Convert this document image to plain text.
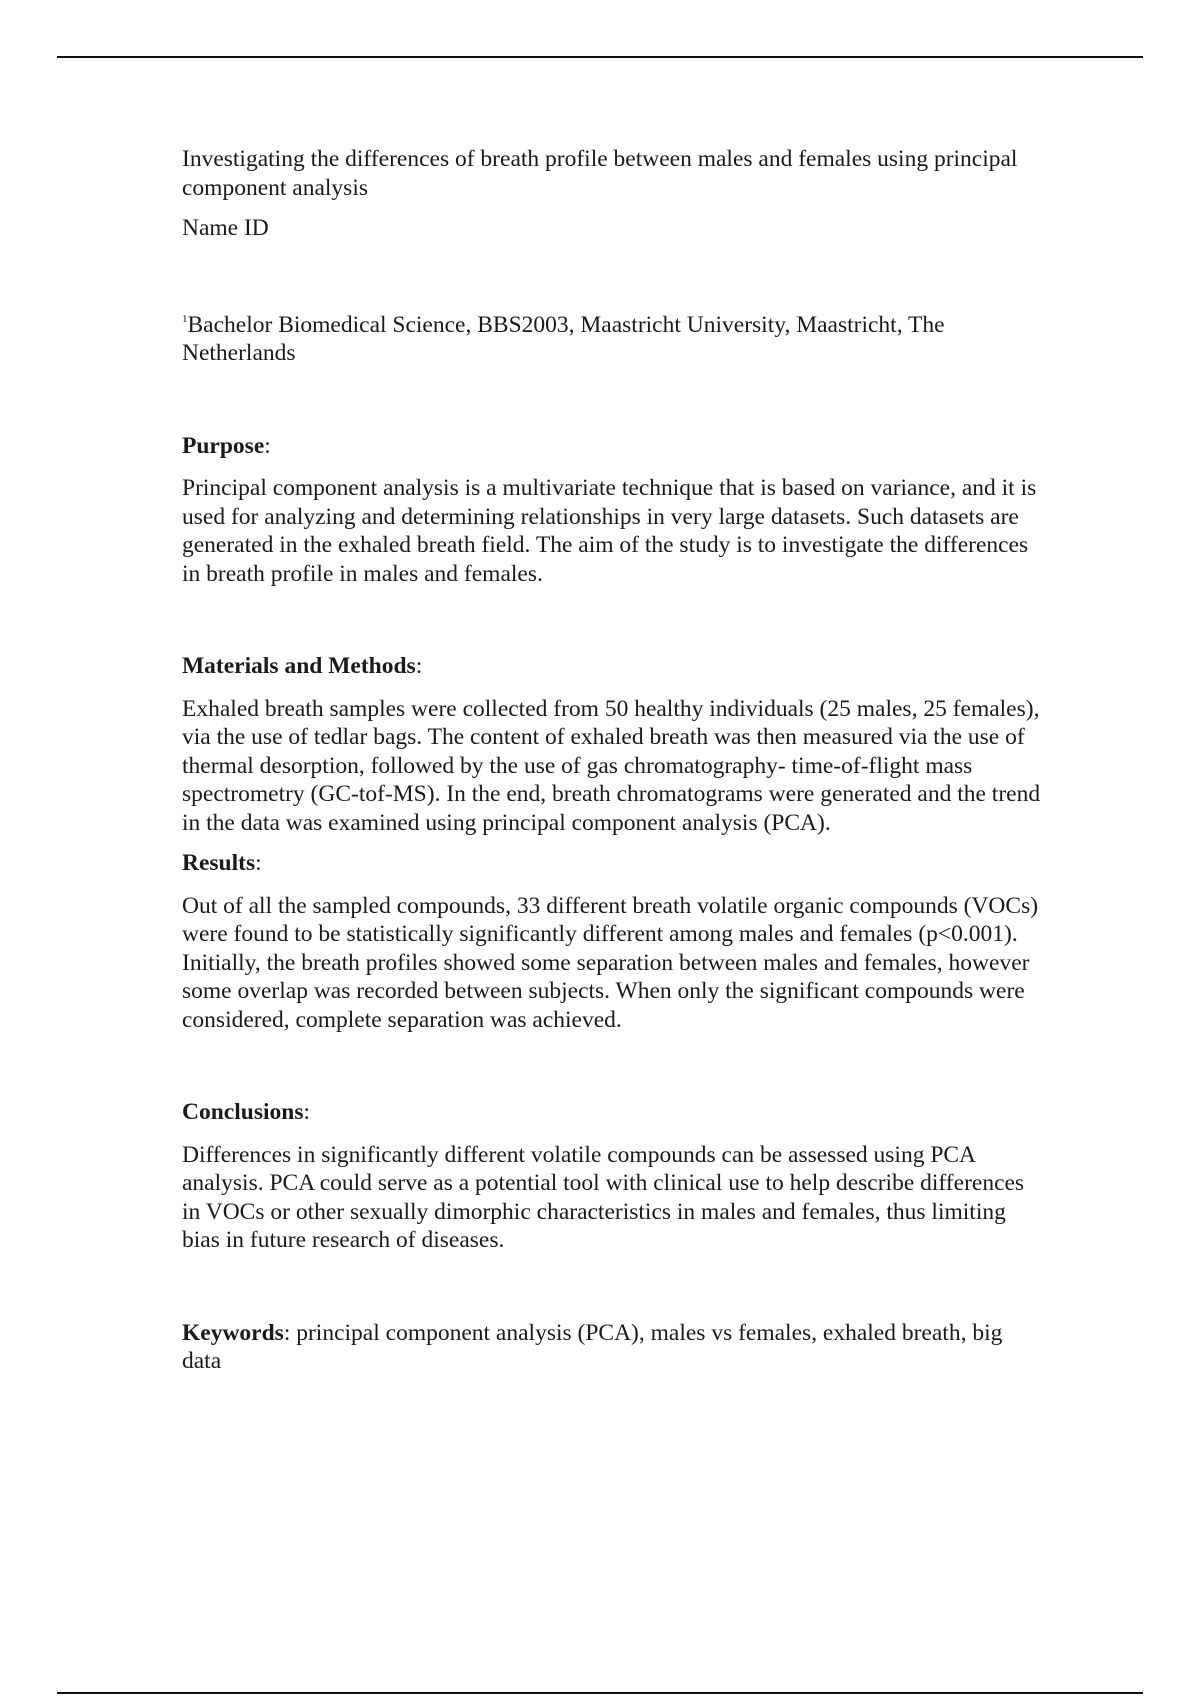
Investigating the differences of breath profile between males and females using principal component analysis

Name ID

$^1$Bachelor Biomedical Science, BBS2003, Maastricht University, Maastricht, The Netherlands

Purpose:

Principal component analysis is a multivariate technique that is based on variance, and it is used for analyzing and determining relationships in very large datasets. Such datasets are generated in the exhaled breath field. The aim of the study is to investigate the differences in breath profile in males and females.

Materials and Methods:

Exhaled breath samples were collected from 50 healthy individuals (25 males, 25 females), via the use of tedlar bags. The content of exhaled breath was then measured via the use of thermal desorption, followed by the use of gas chromatography- time-of-flight mass spectrometry (GC-tof-MS). In the end, breath chromatograms were generated and the trend in the data was examined using principal component analysis (PCA).

Results:

Out of all the sampled compounds, 33 different breath volatile organic compounds (VOCs) were found to be statistically significantly different among males and females (p<0.001). Initially, the breath profiles showed some separation between males and females, however some overlap was recorded between subjects. When only the significant compounds were considered, complete separation was achieved.

Conclusions:

Differences in significantly different volatile compounds can be assessed using PCA analysis. PCA could serve as a potential tool with clinical use to help describe differences in VOCs or other sexually dimorphic characteristics in males and females, thus limiting bias in future research of diseases.

Keywords: principal component analysis (PCA), males vs females, exhaled breath, big data
